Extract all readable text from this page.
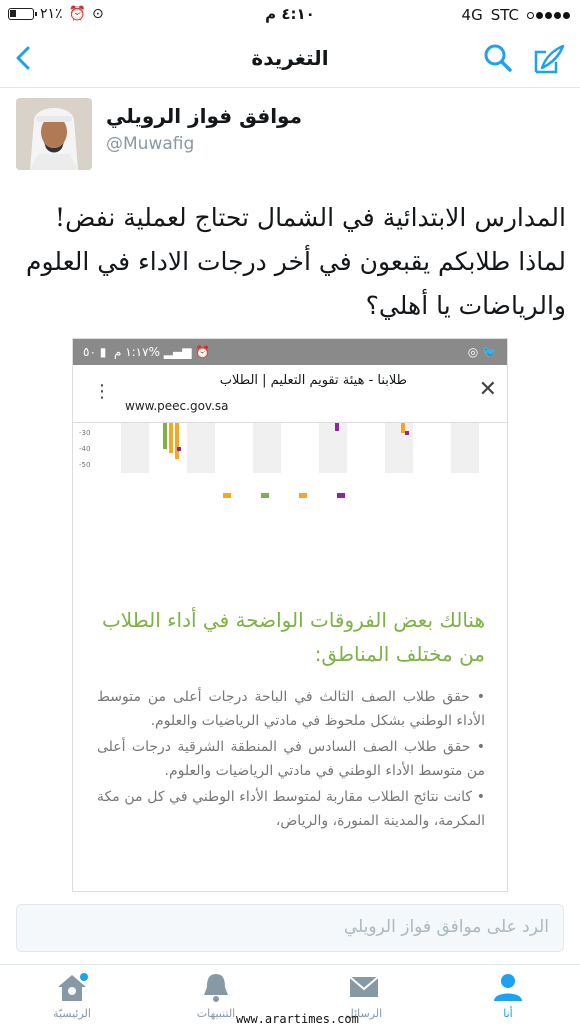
٢١٪ ⏰ ⊙	٤:١٠ م	4G STC
التغريدة
موافق فواز الرويلي
@Muwafig
المدارس الابتدائية في الشمال تحتاج لعملية نفض!
لماذا طلابكم يقبعون في أخر درجات الاداء في العلوم
والرياضات يا أهلي؟
١:١٧ م  ▮ ٥٠% ▂▄▆ ⏰	◎ 🐦
⋮
طلابنا - هيئة تقويم التعليم | الطلاب
www.peec.gov.sa
✕
-30
-40
-50
هنالك بعض الفروقات الواضحة في أداء الطلاب من مختلف المناطق:

• حقق طلاب الصف الثالث في الباحة درجات أعلى من متوسط الأداء الوطني بشكل ملحوظ في مادتي الرياضيات والعلوم.

• حقق طلاب الصف السادس في المنطقة الشرقية درجات أعلى من متوسط الأداء الوطني في مادتي الرياضيات والعلوم.

• كانت نتائج الطلاب مقاربة لمتوسط الأداء الوطني في كل من مكة المكرمة، والمدينة المنورة، والرياض،

الرد على موافق فواز الرويلي
الرئيسيّة	التنبيهات	الرسائل	أنا
www.arartimes.com
